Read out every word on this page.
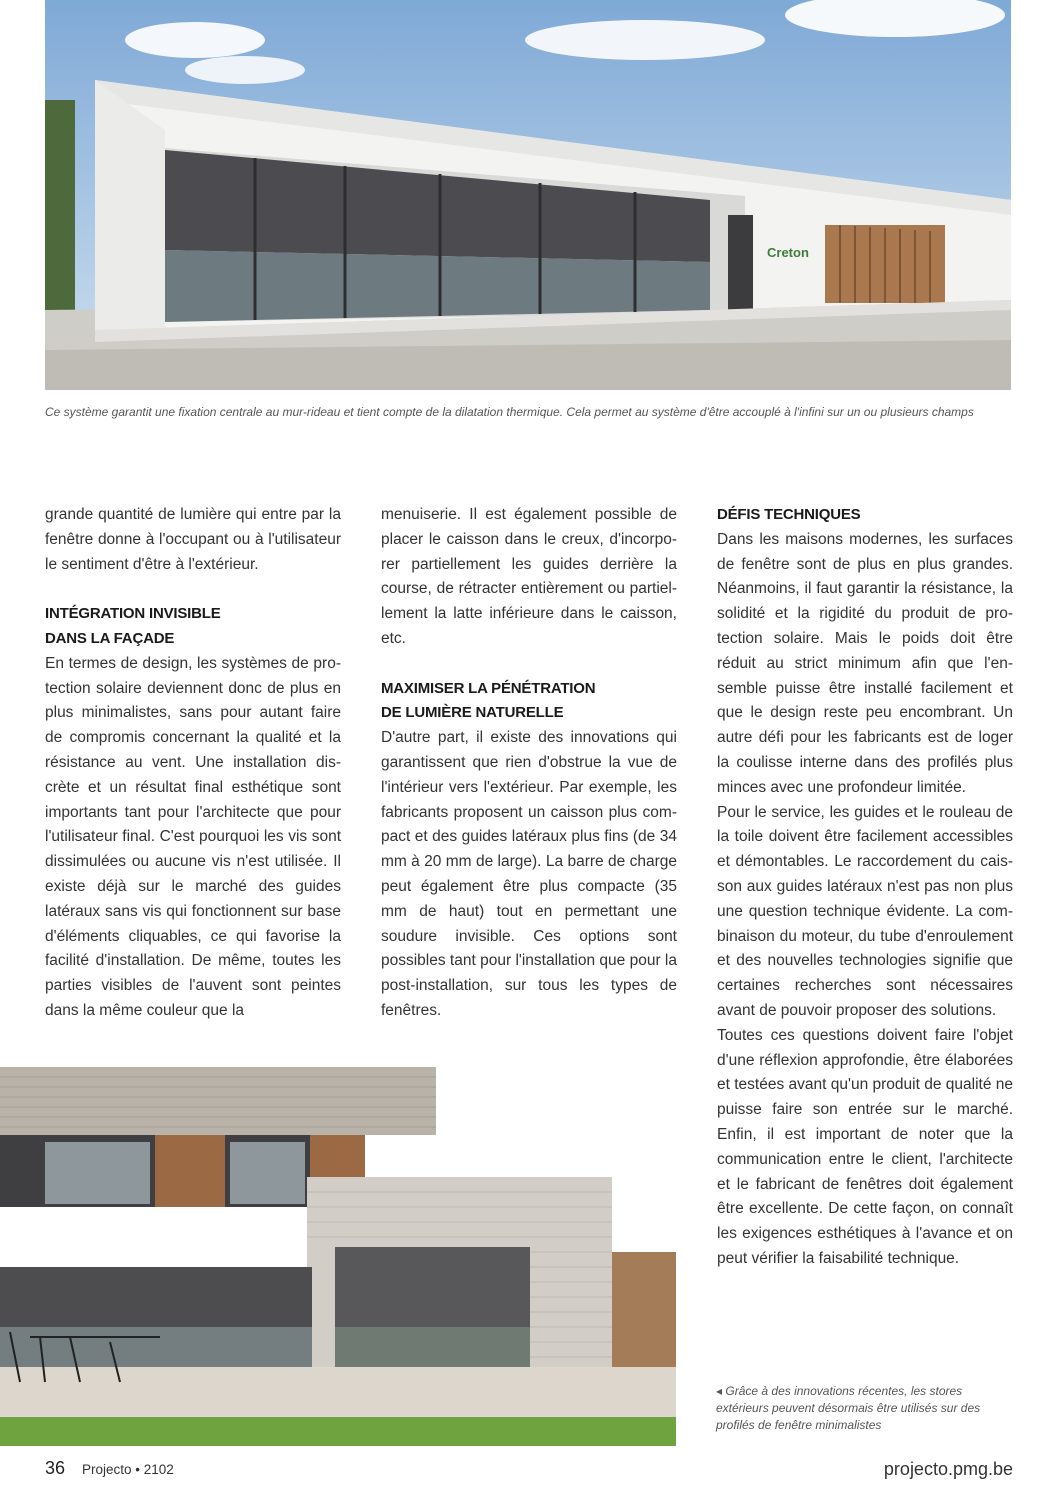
Creton
Ce système garantit une fixation centrale au mur-rideau et tient compte de la dilatation thermique. Cela permet au système d'être accouplé à l'infini sur un ou plusieurs champs

grande quantité de lumière qui entre par la fenêtre donne à l'occupant ou à l'utilisateur le sentiment d'être à l'extérieur.

INTÉGRATION INVISIBLE

DANS LA FAÇADE

En termes de design, les systèmes de protection solaire deviennent donc de plus en plus minimalistes, sans pour autant faire de compromis concernant la qualité et la résistance au vent. Une installation discrète et un résultat final esthétique sont importants tant pour l'architecte que pour l'utilisateur final. C'est pourquoi les vis sont dissimulées ou aucune vis n'est utilisée. Il existe déjà sur le marché des guides latéraux sans vis qui fonctionnent sur base d'éléments cliquables, ce qui favorise la facilité d'installation. De même, toutes les parties visibles de l'auvent sont peintes dans la même couleur que la

menuiserie. Il est également possible de placer le caisson dans le creux, d'incorporer partiellement les guides derrière la course, de rétracter entièrement ou partiellement la latte inférieure dans le caisson, etc.

MAXIMISER LA PÉNÉTRATION

DE LUMIÈRE NATURELLE

D'autre part, il existe des innovations qui garantissent que rien d'obstrue la vue de l'intérieur vers l'extérieur. Par exemple, les fabricants proposent un caisson plus compact et des guides latéraux plus fins (de 34 mm à 20 mm de large). La barre de charge peut également être plus compacte (35 mm de haut) tout en permettant une soudure invisible. Ces options sont possibles tant pour l'installation que pour la post-installation, sur tous les types de fenêtres.

DÉFIS TECHNIQUES

Dans les maisons modernes, les surfaces de fenêtre sont de plus en plus grandes. Néanmoins, il faut garantir la résistance, la solidité et la rigidité du produit de protection solaire. Mais le poids doit être réduit au strict minimum afin que l'ensemble puisse être installé facilement et que le design reste peu encombrant. Un autre défi pour les fabricants est de loger la coulisse interne dans des profilés plus minces avec une profondeur limitée.

Pour le service, les guides et le rouleau de la toile doivent être facilement accessibles et démontables. Le raccordement du caisson aux guides latéraux n'est pas non plus une question technique évidente. La combinaison du moteur, du tube d'enroulement et des nouvelles technologies signifie que certaines recherches sont nécessaires avant de pouvoir proposer des solutions.

Toutes ces questions doivent faire l'objet d'une réflexion approfondie, être élaborées et testées avant qu'un produit de qualité ne puisse faire son entrée sur le marché. Enfin, il est important de noter que la communication entre le client, l'architecte et le fabricant de fenêtres doit également être excellente. De cette façon, on connaît les exigences esthétiques à l'avance et on peut vérifier la faisabilité technique.

◂ Grâce à des innovations récentes, les stores extérieurs peuvent désormais être utilisés sur des profilés de fenêtre minimalistes
36 Projecto • 2102	projecto.pmg.be
